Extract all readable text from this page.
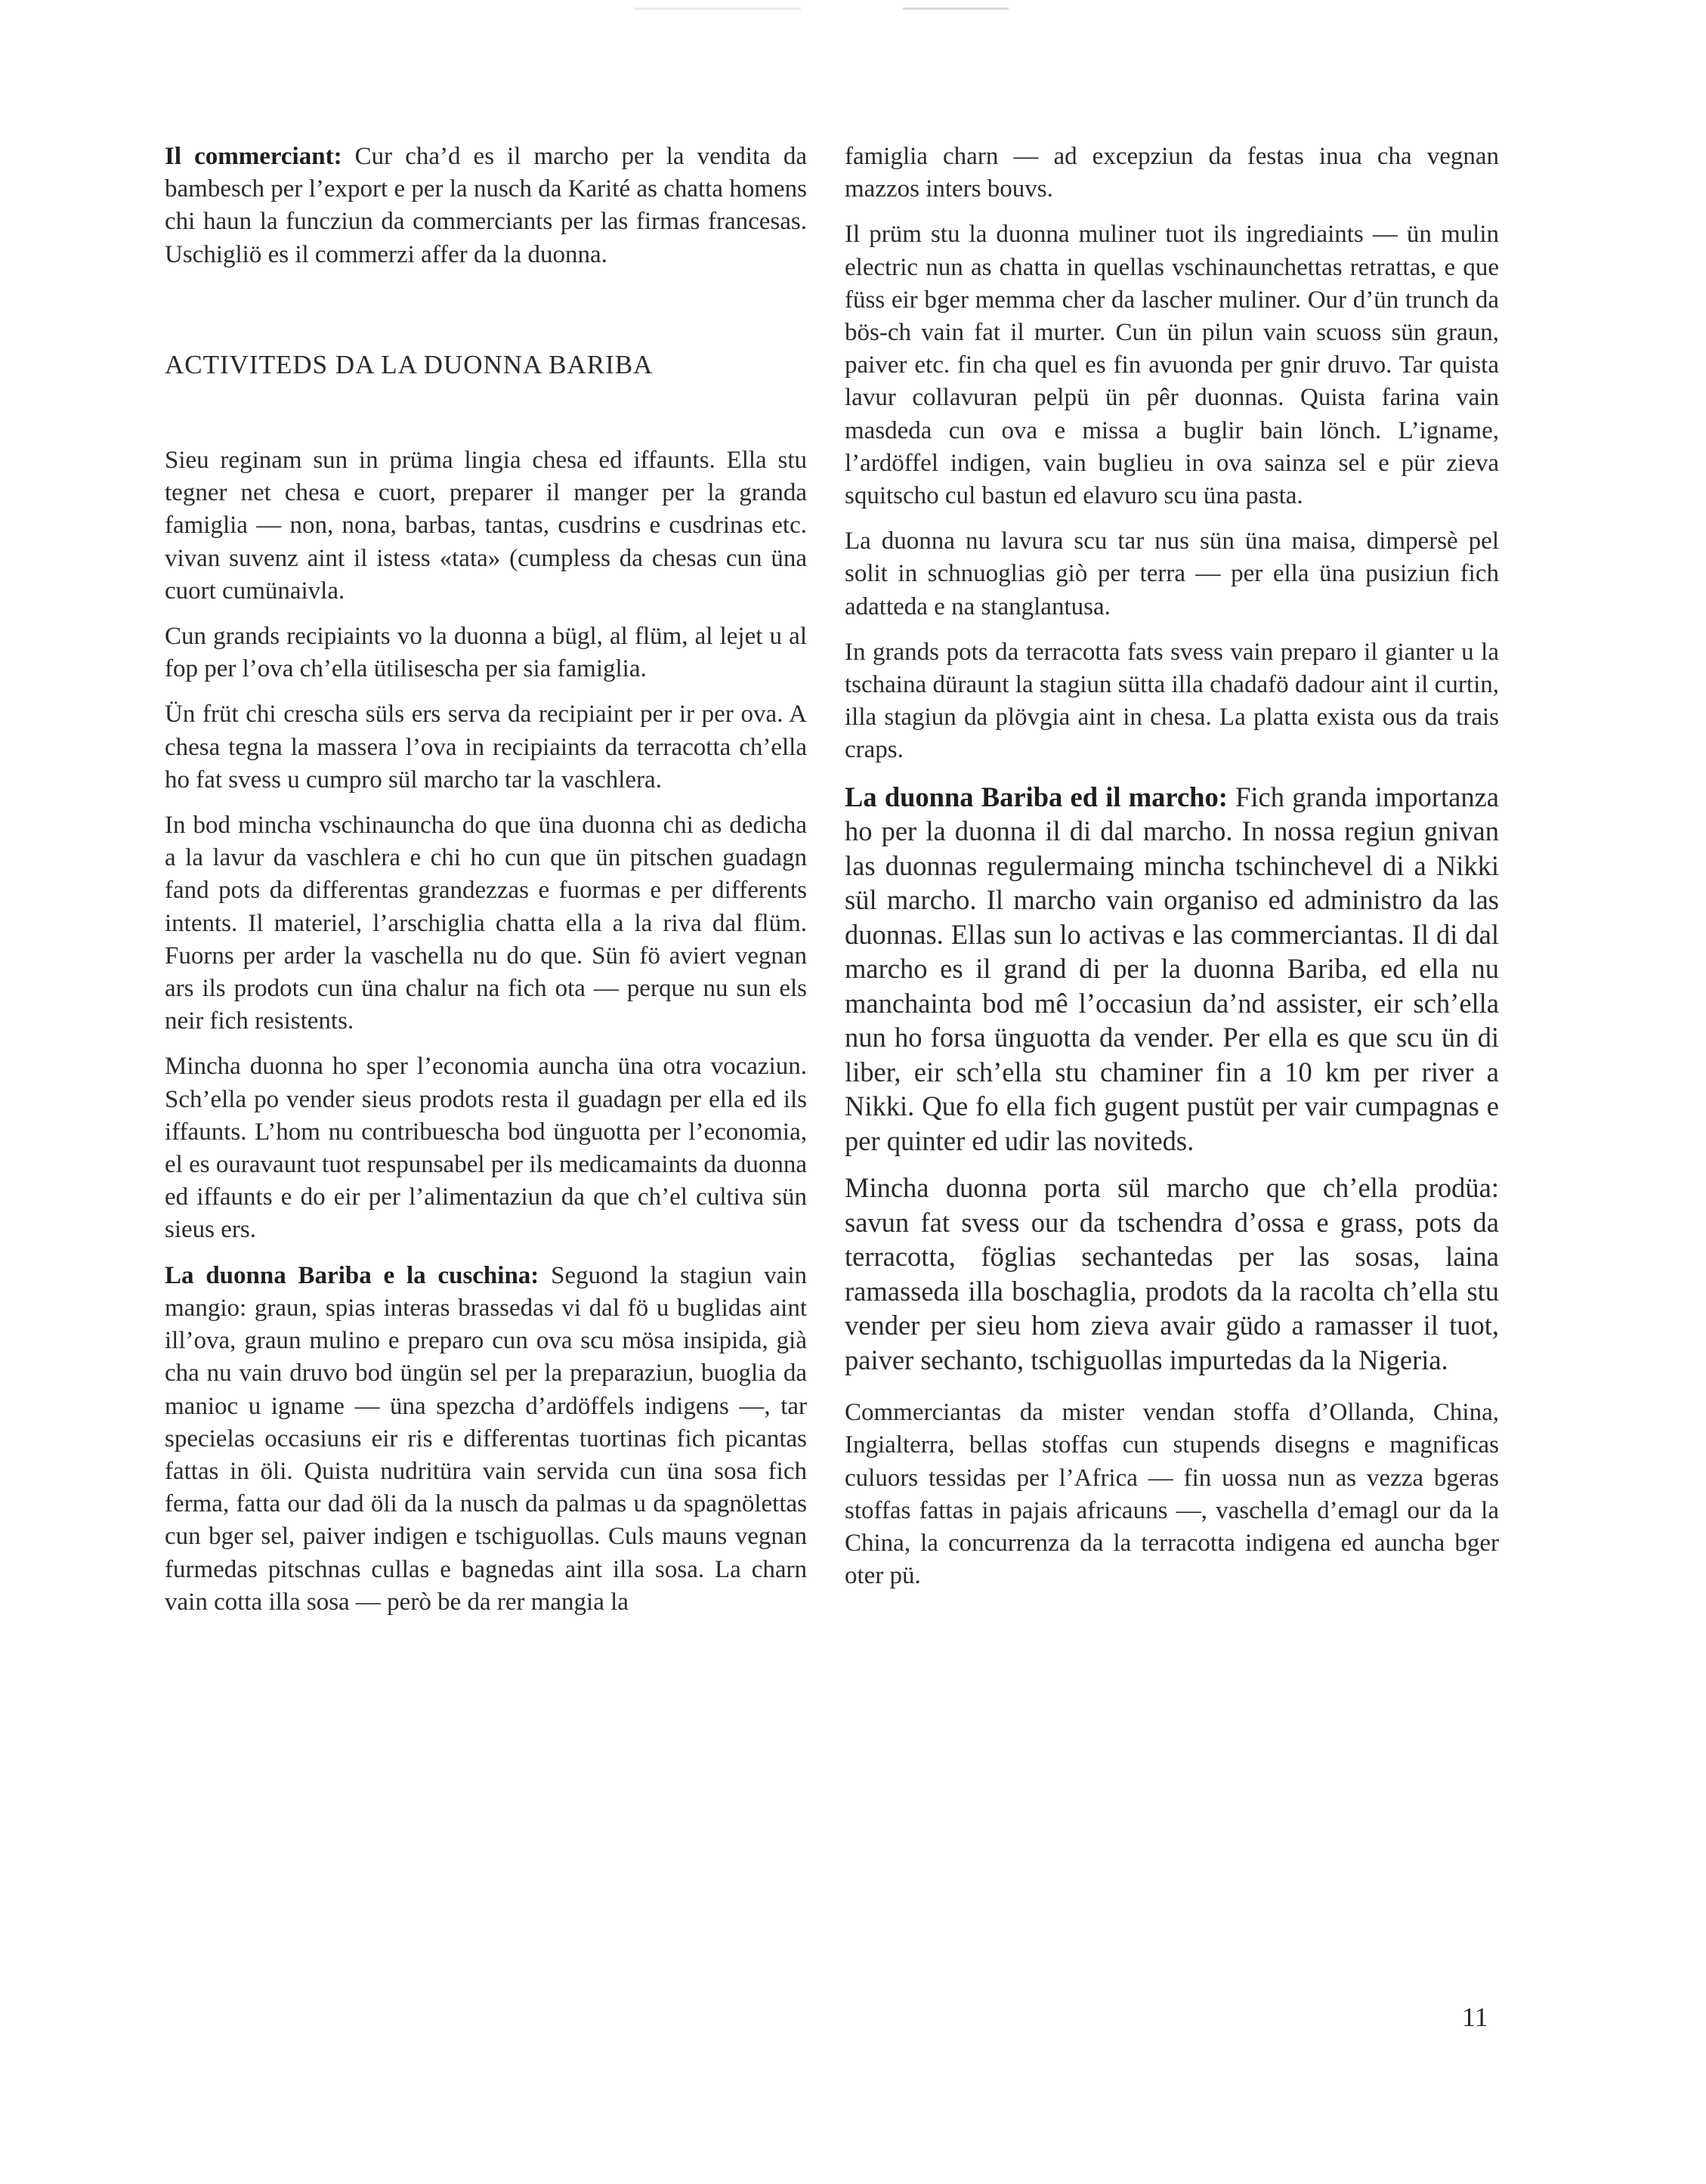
Il commerciant: Cur cha’d es il marcho per la vendita da bambesch per l’export e per la nusch da Karité as chatta homens chi haun la funcziun da commerciants per las firmas francesas. Uschigliö es il commerzi affer da la duonna.

ACTIVITEDS DA LA DUONNA BARIBA

Sieu reginam sun in prüma lingia chesa ed iffaunts. Ella stu tegner net chesa e cuort, preparer il manger per la granda famiglia — non, nona, barbas, tantas, cusdrins e cusdrinas etc. vivan suvenz aint il istess «tata» (cumpless da chesas cun üna cuort cumünaivla.

Cun grands recipiaints vo la duonna a bügl, al flüm, al lejet u al fop per l’ova ch’ella ütilisescha per sia famiglia.

Ün früt chi crescha süls ers serva da recipiaint per ir per ova. A chesa tegna la massera l’ova in recipiaints da terracotta ch’ella ho fat svess u cumpro sül marcho tar la vaschlera.

In bod mincha vschinauncha do que üna duonna chi as dedicha a la lavur da vaschlera e chi ho cun que ün pitschen guadagn fand pots da differentas grandezzas e fuormas e per differents intents. Il materiel, l’arschiglia chatta ella a la riva dal flüm. Fuorns per arder la vaschella nu do que. Sün fö aviert vegnan ars ils prodots cun üna chalur na fich ota — perque nu sun els neir fich resistents.

Mincha duonna ho sper l’economia auncha üna otra vocaziun. Sch’ella po vender sieus prodots resta il guadagn per ella ed ils iffaunts. L’hom nu contribuescha bod ünguotta per l’economia, el es ouravaunt tuot respunsabel per ils medicamaints da duonna ed iffaunts e do eir per l’alimentaziun da que ch’el cultiva sün sieus ers.

La duonna Bariba e la cuschina: Seguond la stagiun vain mangio: graun, spias interas brassedas vi dal fö u buglidas aint ill’ova, graun mulino e preparo cun ova scu mösa insipida, già cha nu vain druvo bod üngün sel per la preparaziun, buoglia da manioc u igname — üna spezcha d’ardöffels indigens —, tar specielas occasiuns eir ris e differentas tuortinas fich picantas fattas in öli. Quista nudritüra vain servida cun üna sosa fich ferma, fatta our dad öli da la nusch da palmas u da spagnölettas cun bger sel, paiver indigen e tschiguollas. Culs mauns vegnan furmedas pitschnas cullas e bagnedas aint illa sosa. La charn vain cotta illa sosa — però be da rer mangia la

famiglia charn — ad excepziun da festas inua cha vegnan mazzos inters bouvs.

Il prüm stu la duonna muliner tuot ils ingrediaints — ün mulin electric nun as chatta in quellas vschinaunchettas retrattas, e que füss eir bger memma cher da lascher muliner. Our d’ün trunch da bös-ch vain fat il murter. Cun ün pilun vain scuoss sün graun, paiver etc. fin cha quel es fin avuonda per gnir druvo. Tar quista lavur collavuran pelpü ün pêr duonnas. Quista farina vain masdeda cun ova e missa a buglir bain lönch. L’igname, l’ardöffel indigen, vain buglieu in ova sainza sel e pür zieva squitscho cul bastun ed elavuro scu üna pasta.

La duonna nu lavura scu tar nus sün üna maisa, dimpersè pel solit in schnuoglias giò per terra — per ella üna pusiziun fich adatteda e na stanglantusa.

In grands pots da terracotta fats svess vain preparo il gianter u la tschaina düraunt la stagiun sütta illa chadafö dadour aint il curtin, illa stagiun da plövgia aint in chesa. La platta exista ous da trais craps.

La duonna Bariba ed il marcho: Fich granda importanza ho per la duonna il di dal marcho. In nossa regiun gnivan las duonnas regulermaing mincha tschinchevel di a Nikki sül marcho. Il marcho vain organiso ed administro da las duonnas. Ellas sun lo activas e las commerciantas. Il di dal marcho es il grand di per la duonna Bariba, ed ella nu manchainta bod mê l’occasiun da’nd assister, eir sch’ella nun ho forsa ünguotta da vender. Per ella es que scu ün di liber, eir sch’ella stu chaminer fin a 10 km per river a Nikki. Que fo ella fich gugent pustüt per vair cumpagnas e per quinter ed udir las noviteds.

Mincha duonna porta sül marcho que ch’ella prodüa: savun fat svess our da tschendra d’ossa e grass, pots da terracotta, föglias sechantedas per las sosas, laina ramasseda illa boschaglia, prodots da la racolta ch’ella stu vender per sieu hom zieva avair güdo a ramasser il tuot, paiver sechanto, tschiguollas impurtedas da la Nigeria.

Commerciantas da mister vendan stoffa d’Ollanda, China, Ingialterra, bellas stoffas cun stupends disegns e magnificas culuors tessidas per l’Africa — fin uossa nun as vezza bgeras stoffas fattas in pajais africauns —, vaschella d’emagl our da la China, la concurrenza da la terracotta indigena ed auncha bger oter pü.

11
